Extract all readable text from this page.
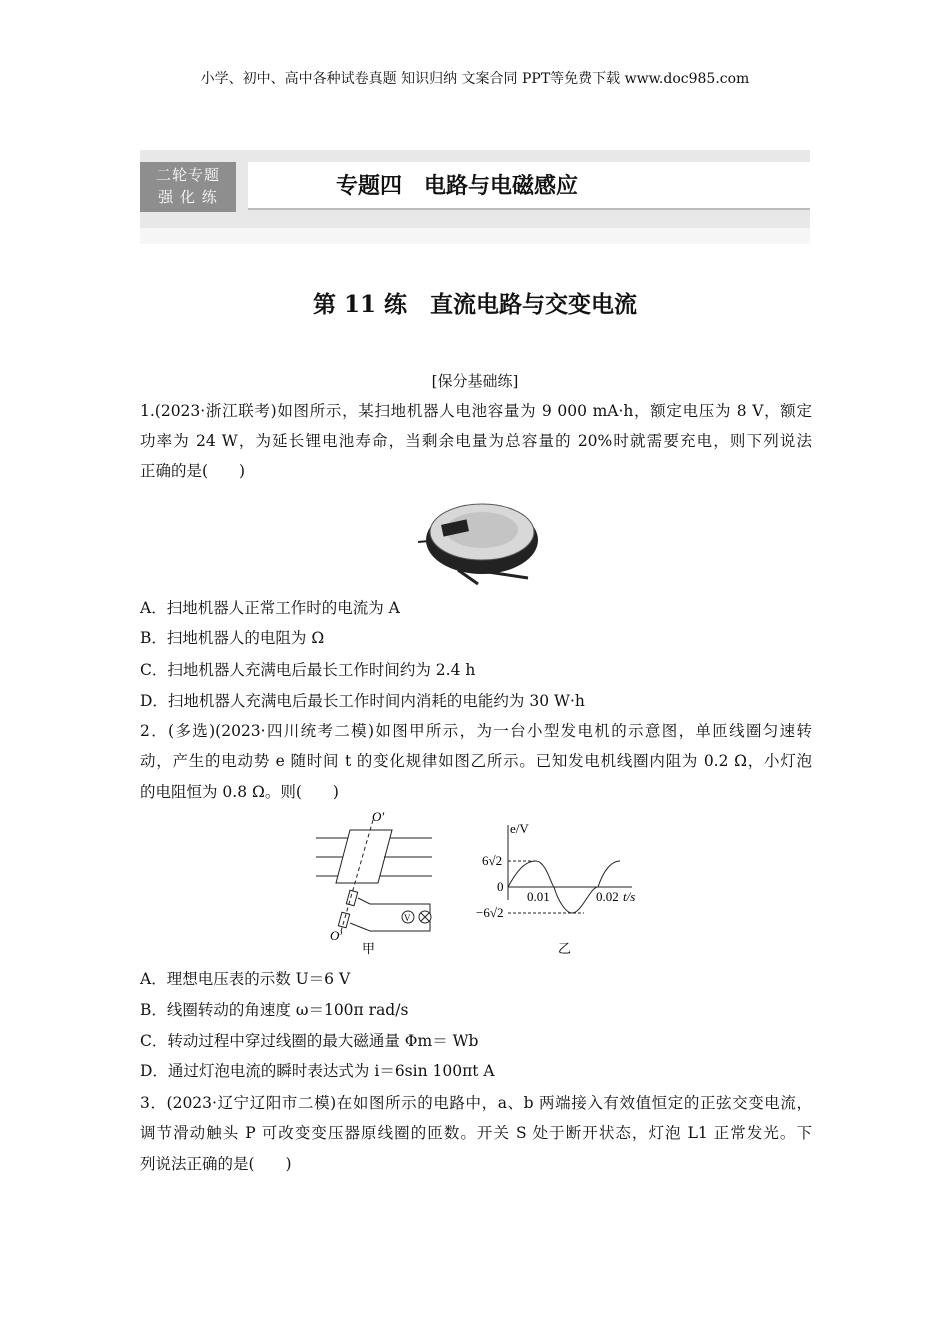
小学、初中、高中各种试卷真题 知识归纳 文案合同 PPT等免费下载 www.doc985.com
二轮专题
强 化 练	专题四　电路与电磁感应
第 11 练　直流电路与交变电流
[保分基础练]
1.(2023·浙江联考)如图所示，某扫地机器人电池容量为 9 000 mA·h，额定电压为 8 V，额定
功率为 24 W，为延长锂电池寿命，当剩余电量为总容量的 20%时就需要充电，则下列说法
正确的是(　　)
A．扫地机器人正常工作时的电流为 A
B．扫地机器人的电阻为 Ω
C．扫地机器人充满电后最长工作时间约为 2.4 h
D．扫地机器人充满电后最长工作时间内消耗的电能约为 30 W·h
2．(多选)(2023·四川统考二模)如图甲所示，为一台小型发电机的示意图，单匝线圈匀速转
动，产生的电动势 e 随时间 t 的变化规律如图乙所示。已知发电机线圈内阻为 0.2 Ω，小灯泡
的电阻恒为 0.8 Ω。则(　　)
O′
O′
V
甲
e/V
6√2
0
−6√2
0.01	0.02 t/s
乙
A．理想电压表的示数 U＝6 V
B．线圈转动的角速度 ω＝100π rad/s
C．转动过程中穿过线圈的最大磁通量 Φm＝ Wb
D．通过灯泡电流的瞬时表达式为 i＝6sin 100πt A
3．(2023·辽宁辽阳市二模)在如图所示的电路中，a、b 两端接入有效值恒定的正弦交变电流，
调节滑动触头 P 可改变变压器原线圈的匝数。开关 S 处于断开状态，灯泡 L1 正常发光。下
列说法正确的是(　　)
